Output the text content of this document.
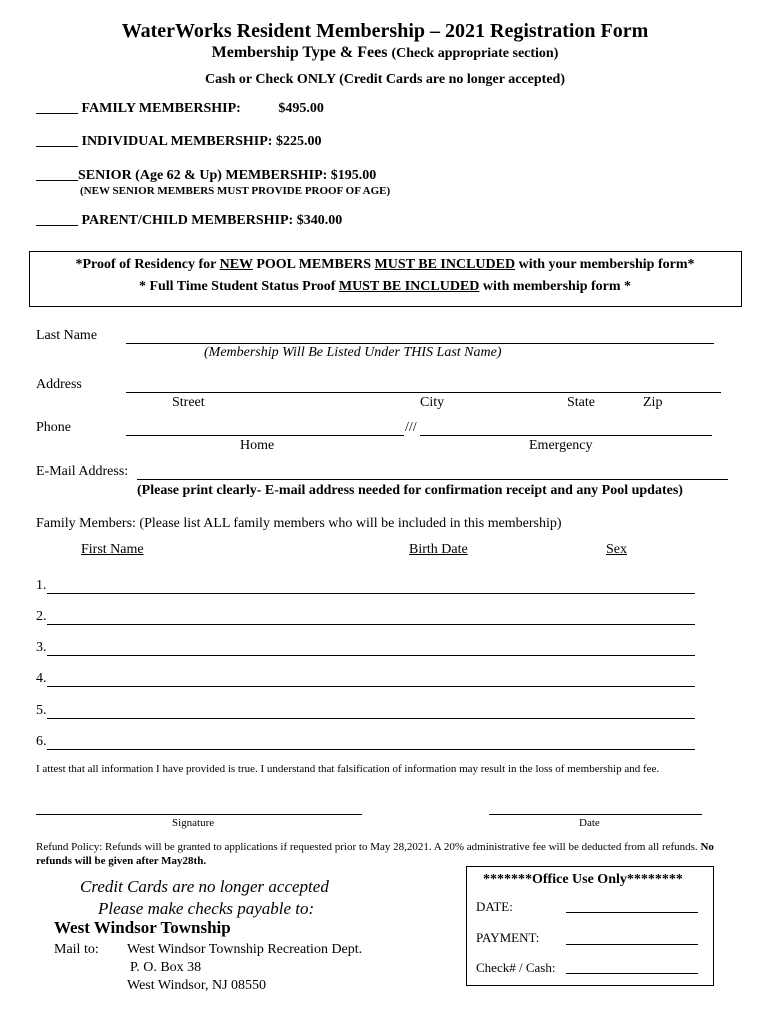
WaterWorks Resident Membership – 2021 Registration Form
Membership Type & Fees (Check appropriate section)
Cash or Check ONLY (Credit Cards are no longer accepted)
______ FAMILY MEMBERSHIP:	$495.00
______ INDIVIDUAL MEMBERSHIP: $225.00
______SENIOR (Age 62 & Up) MEMBERSHIP: $195.00
(NEW SENIOR MEMBERS MUST PROVIDE PROOF OF AGE)
______ PARENT/CHILD MEMBERSHIP: $340.00
*Proof of Residency for NEW POOL MEMBERS MUST BE INCLUDED with your membership form*
* Full Time Student Status Proof MUST BE INCLUDED with membership form *
Last Name
(Membership Will Be Listed Under THIS Last Name)
Address
Street	City	State	Zip
Phone	///
Home	Emergency
E-Mail Address:
(Please print clearly- E-mail address needed for confirmation receipt and any Pool updates)
Family Members: (Please list ALL family members who will be included in this membership)
First Name	Birth Date	Sex
1.
2.
3.
4.
5.
6.
I attest that all information I have provided is true. I understand that falsification of information may result in the loss of membership and fee.
Signature	Date
Refund Policy: Refunds will be granted to applications if requested prior to May 28,2021. A 20% administrative fee will be deducted from all refunds. No refunds will be given after May28th.
Credit Cards are no longer accepted
Please make checks payable to:
West Windsor Township
Mail to: West Windsor Township Recreation Dept.
P. O. Box 38
West Windsor, NJ 08550
*******Office Use Only********
DATE:
PAYMENT:
Check# / Cash:
